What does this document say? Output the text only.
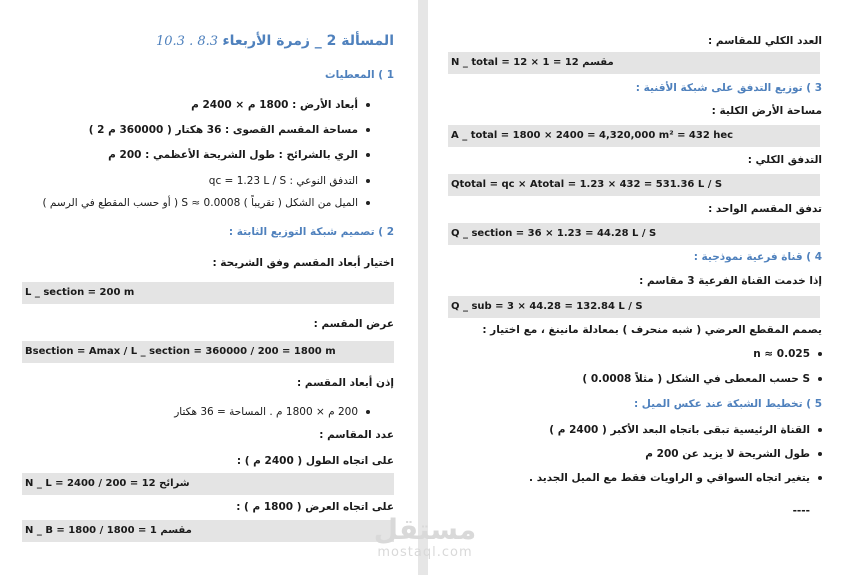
المسألة 2 _ زمرة الأربعاء
10.3 . 8.3 .
1 ) المعطيات
أبعاد الأرض : 1800 م × 2400 م
مساحة المقسم القصوى : 36 هكتار ( 360000 م 2 )
الري بالشرائح : طول الشريحة الأعظمي : 200 م
التدفق النوعي : qc = 1.23 L / S
الميل من الشكل ( تقريباً ) 0.0008 ≈ S ( أو حسب المقطع في الرسم )
2 ) تصميم شبكة التوزيع الثابتة :
اختيار أبعاد المقسم وفق الشريحة :
L _ section = 200 m
عرض المقسم :
Bsection = Amax / L _ section = 360000 / 200 = 1800 m
إذن أبعاد المقسم :
200 م × 1800 م . المساحة = 36 هكتار
عدد المقاسم :
على اتجاه الطول ( 2400 م ) :
N _ L = 2400 / 200 = 12 شرائح
على اتجاه العرض ( 1800 م ) :
N _ B = 1800 / 1800 = 1 مقسم
العدد الكلي للمقاسم :
N _ total = 12 × 1 = 12 مقسم
3 ) توزيع التدفق على شبكة الأقنية :
مساحة الأرض الكلية :
A _ total = 1800 × 2400 = 4,320,000 m² = 432 hec
التدفق الكلي :
Qtotal = qc × Atotal = 1.23 × 432 = 531.36 L / S
تدفق المقسم الواحد :
Q _ section = 36 × 1.23 = 44.28 L / S
4 ) قناة فرعية نموذجية :
إذا خدمت القناة الفرعية 3 مقاسم :
Q _ sub = 3 × 44.28 = 132.84 L / S
يصمم المقطع العرضي ( شبه منحرف ) بمعادلة مانينغ ، مع اختيار :
n ≈ 0.025
S حسب المعطى في الشكل ( مثلاً 0.0008 )
5 ) تخطيط الشبكة عند عكس الميل :
القناة الرئيسية تبقى باتجاه البعد الأكبر ( 2400 م )
طول الشريحة لا يزيد عن 200 م
يتغير اتجاه السواقي و الراويات فقط مع الميل الجديد .
----
مستقل
mostaql.com
